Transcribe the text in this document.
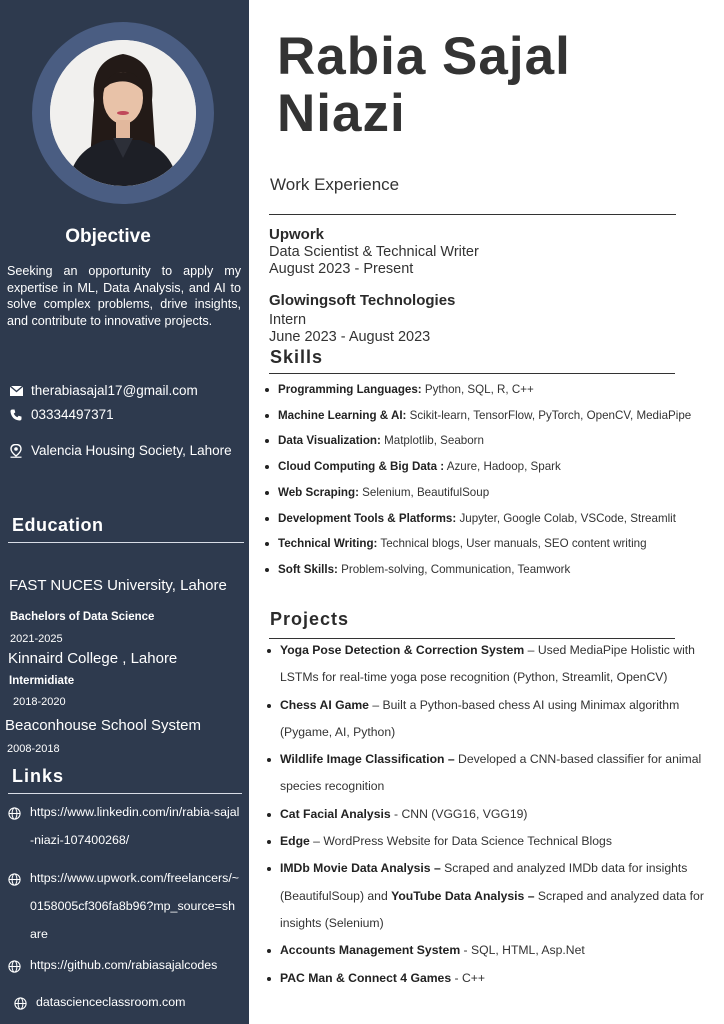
Objective

Seeking an opportunity to apply my expertise in ML, Data Analysis, and AI to solve complex problems, drive insights, and contribute to innovative projects.

therabiasajal17@gmail.com
03334497371
Valencia Housing Society, Lahore
Education
FAST NUCES University, Lahore
Bachelors of Data Science
2021-2025
Kinnaird College , Lahore
Intermidiate
2018-2020
Beaconhouse School System
2008-2018
Links
https://www.linkedin.com/in/rabia-sajal-niazi-107400268/
https://www.upwork.com/freelancers/~0158005cf306fa8b96?mp_source=share
https://github.com/rabiasajalcodes
datascienceclassroom.com
Rabia Sajal
Niazi
Work Experience
Upwork
Data Scientist & Technical Writer
August 2023 - Present
Glowingsoft Technologies
Intern
June 2023 - August 2023
Skills
Programming Languages: Python, SQL, R, C++
Machine Learning & AI: Scikit-learn, TensorFlow, PyTorch, OpenCV, MediaPipe
Data Visualization: Matplotlib, Seaborn
Cloud Computing & Big Data : Azure, Hadoop, Spark
Web Scraping: Selenium, BeautifulSoup
Development Tools & Platforms: Jupyter, Google Colab, VSCode, Streamlit
Technical Writing: Technical blogs, User manuals, SEO content writing
Soft Skills: Problem-solving, Communication, Teamwork
Projects
Yoga Pose Detection & Correction System – Used MediaPipe Holistic with LSTMs for real-time yoga pose recognition (Python, Streamlit, OpenCV)
Chess AI Game – Built a Python-based chess AI using Minimax algorithm (Pygame, AI, Python)
Wildlife Image Classification – Developed a CNN-based classifier for animal species recognition
Cat Facial Analysis - CNN (VGG16, VGG19)
Edge – WordPress Website for Data Science Technical Blogs
IMDb Movie Data Analysis – Scraped and analyzed IMDb data for insights (BeautifulSoup) and YouTube Data Analysis – Scraped and analyzed data for insights (Selenium)
Accounts Management System - SQL, HTML, Asp.Net
PAC Man & Connect 4 Games - C++
